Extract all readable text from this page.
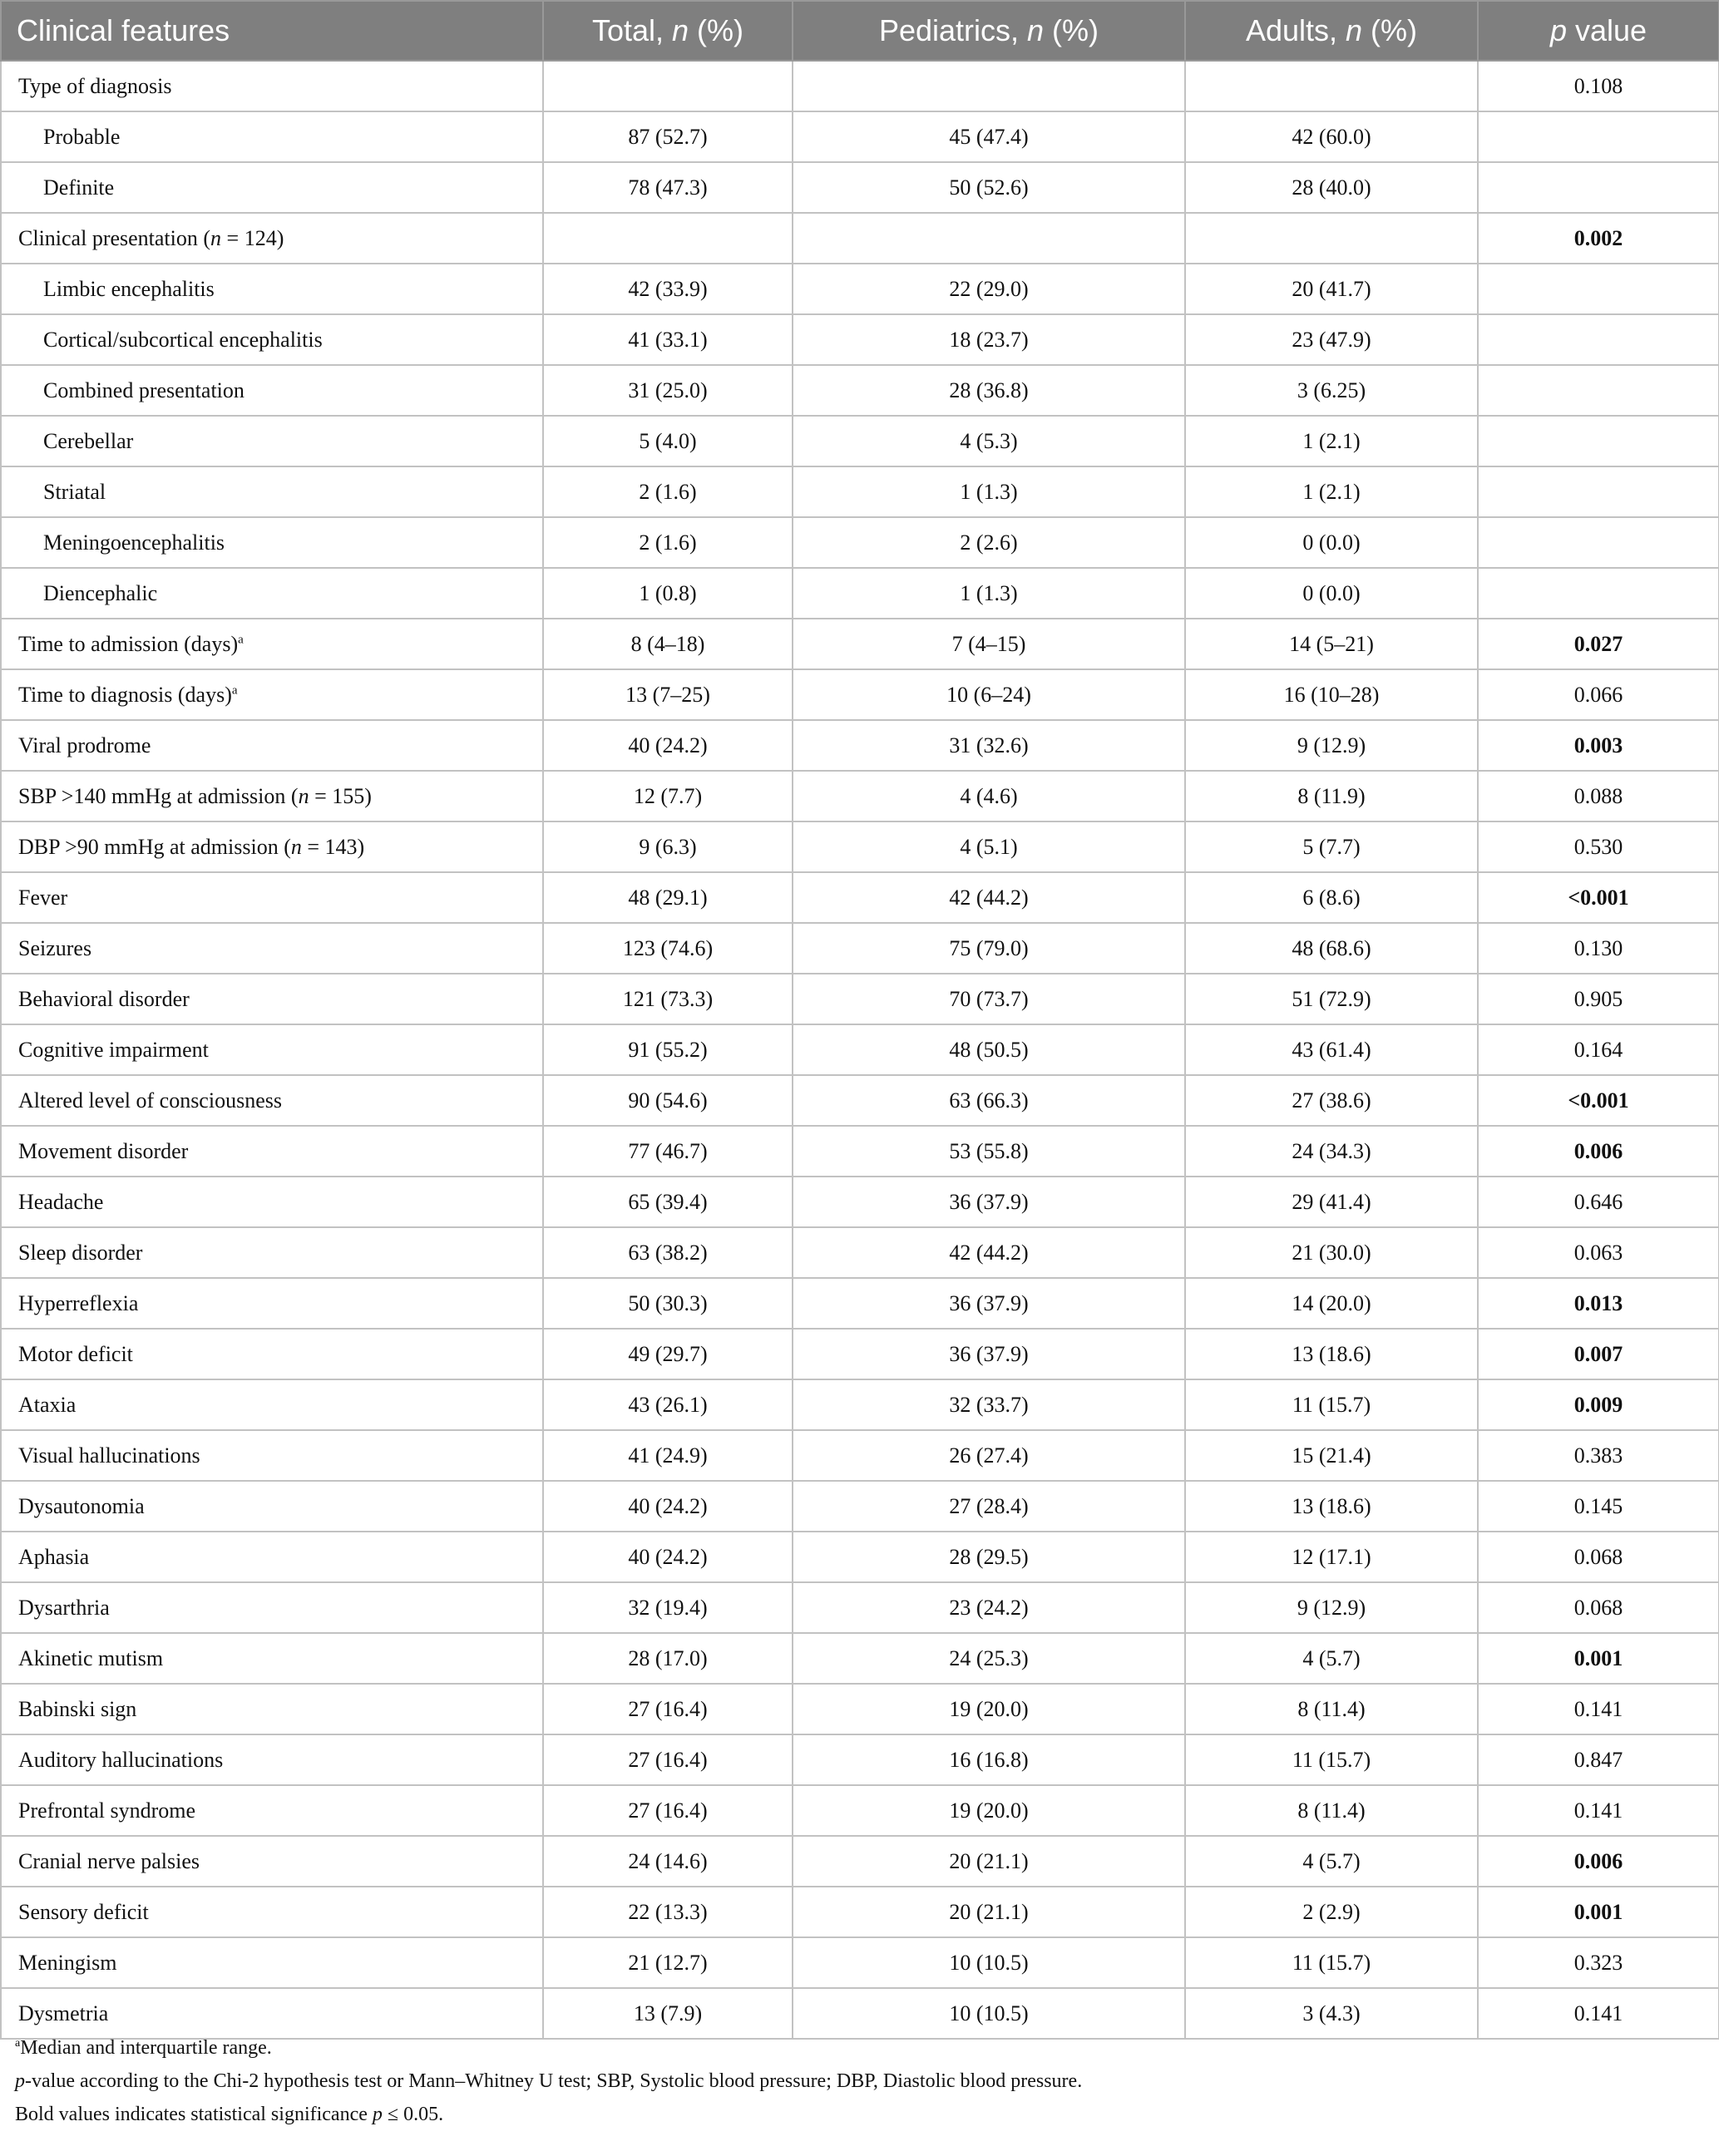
Clinical features	Total, n (%)	Pediatrics, n (%)	Adults, n (%)	p value
Type of diagnosis				0.108
Probable	87 (52.7)	45 (47.4)	42 (60.0)	
Definite	78 (47.3)	50 (52.6)	28 (40.0)	
Clinical presentation (n = 124)				0.002
Limbic encephalitis	42 (33.9)	22 (29.0)	20 (41.7)	
Cortical/subcortical encephalitis	41 (33.1)	18 (23.7)	23 (47.9)	
Combined presentation	31 (25.0)	28 (36.8)	3 (6.25)	
Cerebellar	5 (4.0)	4 (5.3)	1 (2.1)	
Striatal	2 (1.6)	1 (1.3)	1 (2.1)	
Meningoencephalitis	2 (1.6)	2 (2.6)	0 (0.0)	
Diencephalic	1 (0.8)	1 (1.3)	0 (0.0)	
Time to admission (days)$^a$	8 (4–18)	7 (4–15)	14 (5–21)	0.027
Time to diagnosis (days)$^a$	13 (7–25)	10 (6–24)	16 (10–28)	0.066
Viral prodrome	40 (24.2)	31 (32.6)	9 (12.9)	0.003
SBP >140 mmHg at admission (n = 155)	12 (7.7)	4 (4.6)	8 (11.9)	0.088
DBP >90 mmHg at admission (n = 143)	9 (6.3)	4 (5.1)	5 (7.7)	0.530
Fever	48 (29.1)	42 (44.2)	6 (8.6)	<0.001
Seizures	123 (74.6)	75 (79.0)	48 (68.6)	0.130
Behavioral disorder	121 (73.3)	70 (73.7)	51 (72.9)	0.905
Cognitive impairment	91 (55.2)	48 (50.5)	43 (61.4)	0.164
Altered level of consciousness	90 (54.6)	63 (66.3)	27 (38.6)	<0.001
Movement disorder	77 (46.7)	53 (55.8)	24 (34.3)	0.006
Headache	65 (39.4)	36 (37.9)	29 (41.4)	0.646
Sleep disorder	63 (38.2)	42 (44.2)	21 (30.0)	0.063
Hyperreflexia	50 (30.3)	36 (37.9)	14 (20.0)	0.013
Motor deficit	49 (29.7)	36 (37.9)	13 (18.6)	0.007
Ataxia	43 (26.1)	32 (33.7)	11 (15.7)	0.009
Visual hallucinations	41 (24.9)	26 (27.4)	15 (21.4)	0.383
Dysautonomia	40 (24.2)	27 (28.4)	13 (18.6)	0.145
Aphasia	40 (24.2)	28 (29.5)	12 (17.1)	0.068
Dysarthria	32 (19.4)	23 (24.2)	9 (12.9)	0.068
Akinetic mutism	28 (17.0)	24 (25.3)	4 (5.7)	0.001
Babinski sign	27 (16.4)	19 (20.0)	8 (11.4)	0.141
Auditory hallucinations	27 (16.4)	16 (16.8)	11 (15.7)	0.847
Prefrontal syndrome	27 (16.4)	19 (20.0)	8 (11.4)	0.141
Cranial nerve palsies	24 (14.6)	20 (21.1)	4 (5.7)	0.006
Sensory deficit	22 (13.3)	20 (21.1)	2 (2.9)	0.001
Meningism	21 (12.7)	10 (10.5)	11 (15.7)	0.323
Dysmetria	13 (7.9)	10 (10.5)	3 (4.3)	0.141
$^a$Median and interquartile range.
p-value according to the Chi-2 hypothesis test or Mann–Whitney U test; SBP, Systolic blood pressure; DBP, Diastolic blood pressure.
Bold values indicates statistical significance p ≤ 0.05.
